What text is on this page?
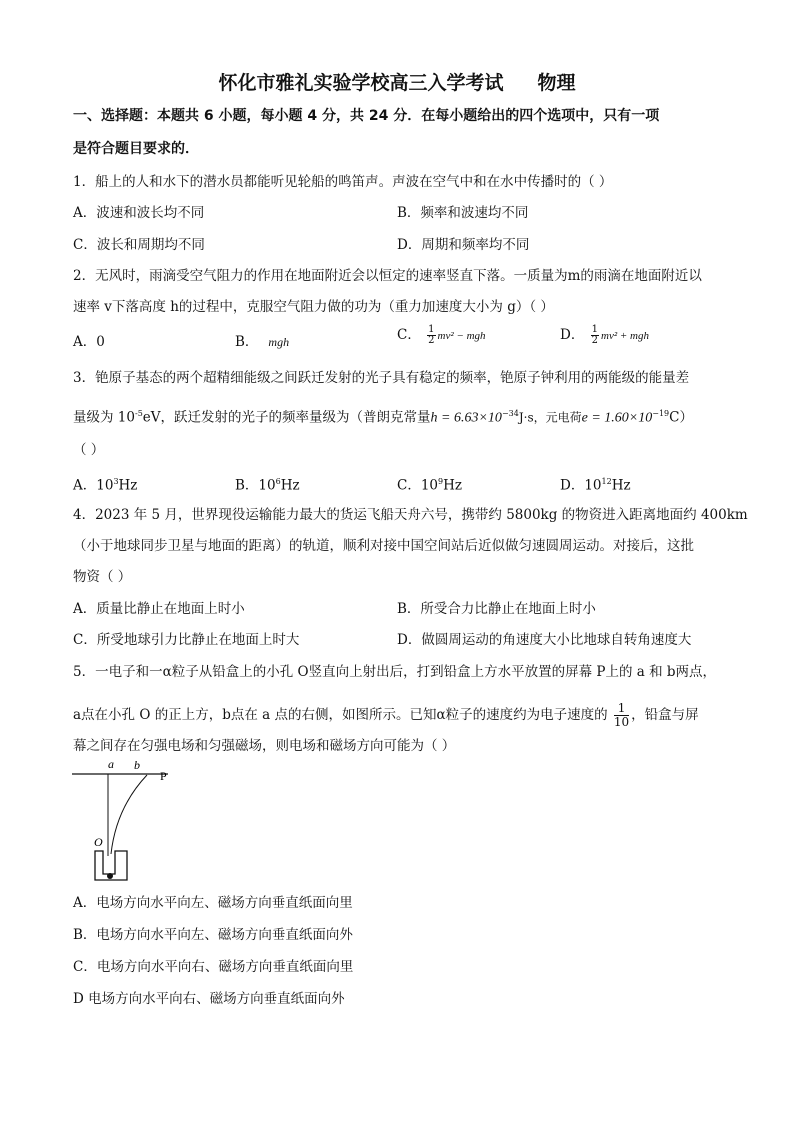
怀化市雅礼实验学校高三入学考试 物理
一、选择题：本题共 6 小题，每小题 4 分，共 24 分．在每小题给出的四个选项中，只有一项
是符合题目要求的．
1．船上的人和水下的潜水员都能听见轮船的鸣笛声。声波在空气中和在水中传播时的（ ）
A．波速和波长均不同	B．频率和波速均不同
C．波长和周期均不同	D．周期和频率均不同
2．无风时，雨滴受空气阻力的作用在地面附近会以恒定的速率竖直下落。一质量为m的雨滴在地面附近以
速率 v下落高度 h的过程中，克服空气阻力做的功为（重力加速度大小为 g）（ ）
A．0	B． mgh	C． $\frac{1}{2} mv^2$ − mgh	D． $\frac{1}{2} mv^2$ + mgh
3．铯原子基态的两个超精细能级之间跃迁发射的光子具有稳定的频率，铯原子钟利用的两能级的能量差
量级为 $10^{-5}eV$，跃迁发射的光子的频率量级为（普朗克常量$h = 6.63\times 10^{-34}J\cdot s$，元电荷$e = 1.60\times 10^{-19}C$）
（ ）
A．$10^3Hz$	B．$10^6Hz$	C．$10^9Hz$	D．$10^{12}Hz$
4．2023 年 5 月，世界现役运输能力最大的货运飞船天舟六号，携带约 5800kg 的物资进入距离地面约 400km
（小于地球同步卫星与地面的距离）的轨道，顺利对接中国空间站后近似做匀速圆周运动。对接后，这批
物资（ ）
A．质量比静止在地面上时小	B．所受合力比静止在地面上时小
C．所受地球引力比静止在地面上时大	D．做圆周运动的角速度大小比地球自转角速度大
5．一电子和一α粒子从铅盒上的小孔 O竖直向上射出后，打到铅盒上方水平放置的屏幕 P上的 a 和 b两点，
a点在小孔 O 的正上方，b点在 a 点的右侧，如图所示。已知α粒子的速度约为电子速度的 $\frac{1}{10}$ ，铅盒与屏
幕之间存在匀强电场和匀强磁场，则电场和磁场方向可能为（ ）
a b
P
O
A．电场方向水平向左、磁场方向垂直纸面向里
B．电场方向水平向左、磁场方向垂直纸面向外
C．电场方向水平向右、磁场方向垂直纸面向里
D 电场方向水平向右、磁场方向垂直纸面向外
